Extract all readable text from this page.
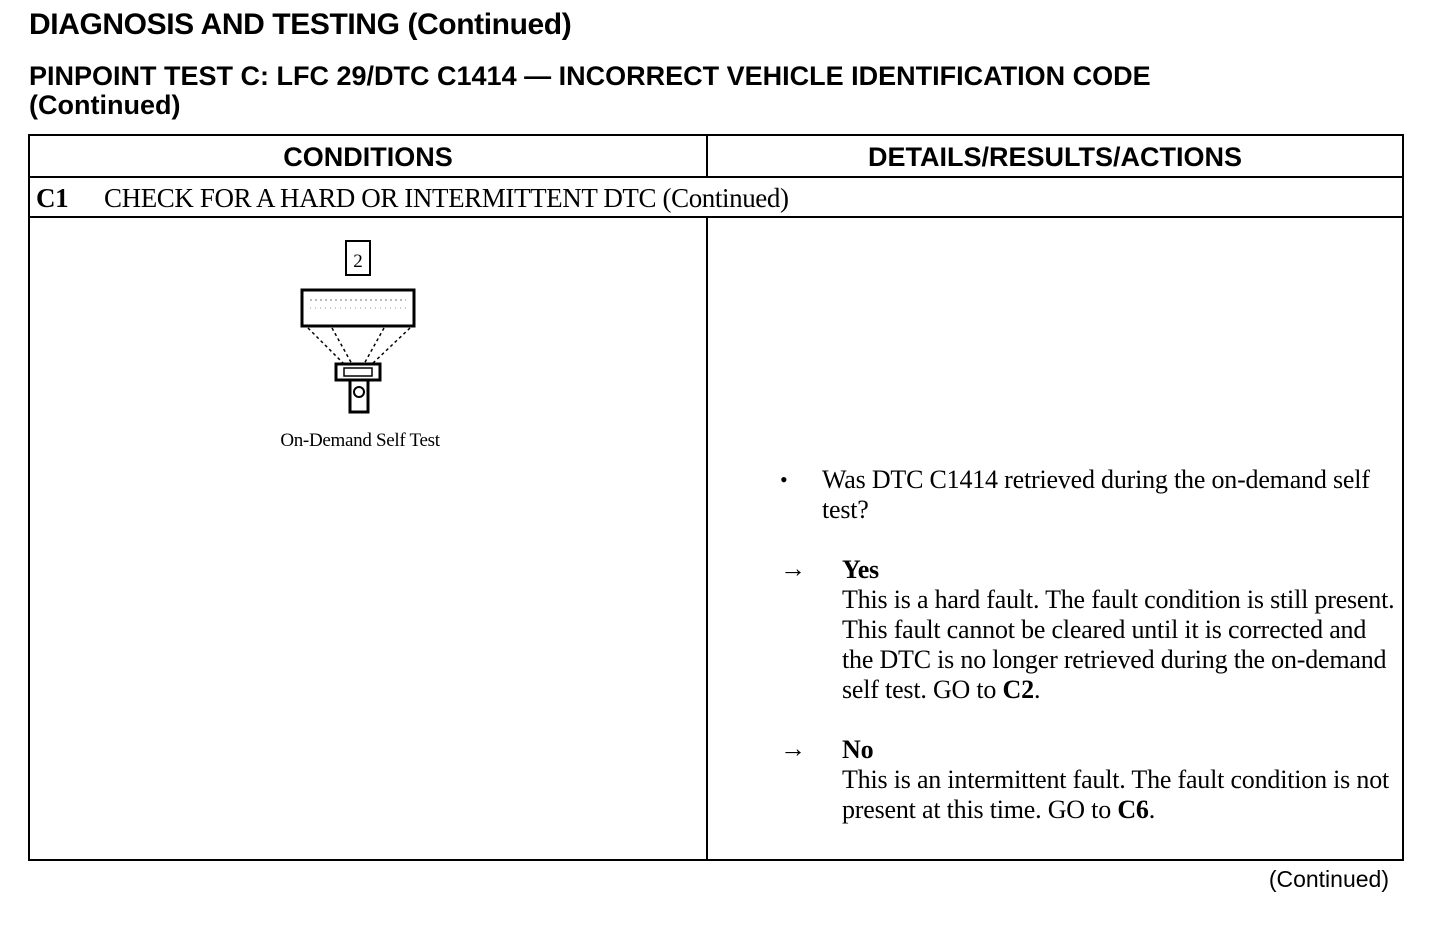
DIAGNOSIS AND TESTING (Continued)
PINPOINT TEST C: LFC 29/DTC C1414 — INCORRECT VEHICLE IDENTIFICATION CODE
(Continued)
CONDITIONS	DETAILS/RESULTS/ACTIONS
C1 CHECK FOR A HARD OR INTERMITTENT DTC (Continued)
2
On-Demand Self Test
• Was DTC C1414 retrieved during the on-demand self test?
→ Yes
This is a hard fault. The fault condition is still present. This fault cannot be cleared until it is corrected and the DTC is no longer retrieved during the on-demand self test. GO to C2.
→ No
This is an intermittent fault. The fault condition is not present at this time. GO to C6.
(Continued)
